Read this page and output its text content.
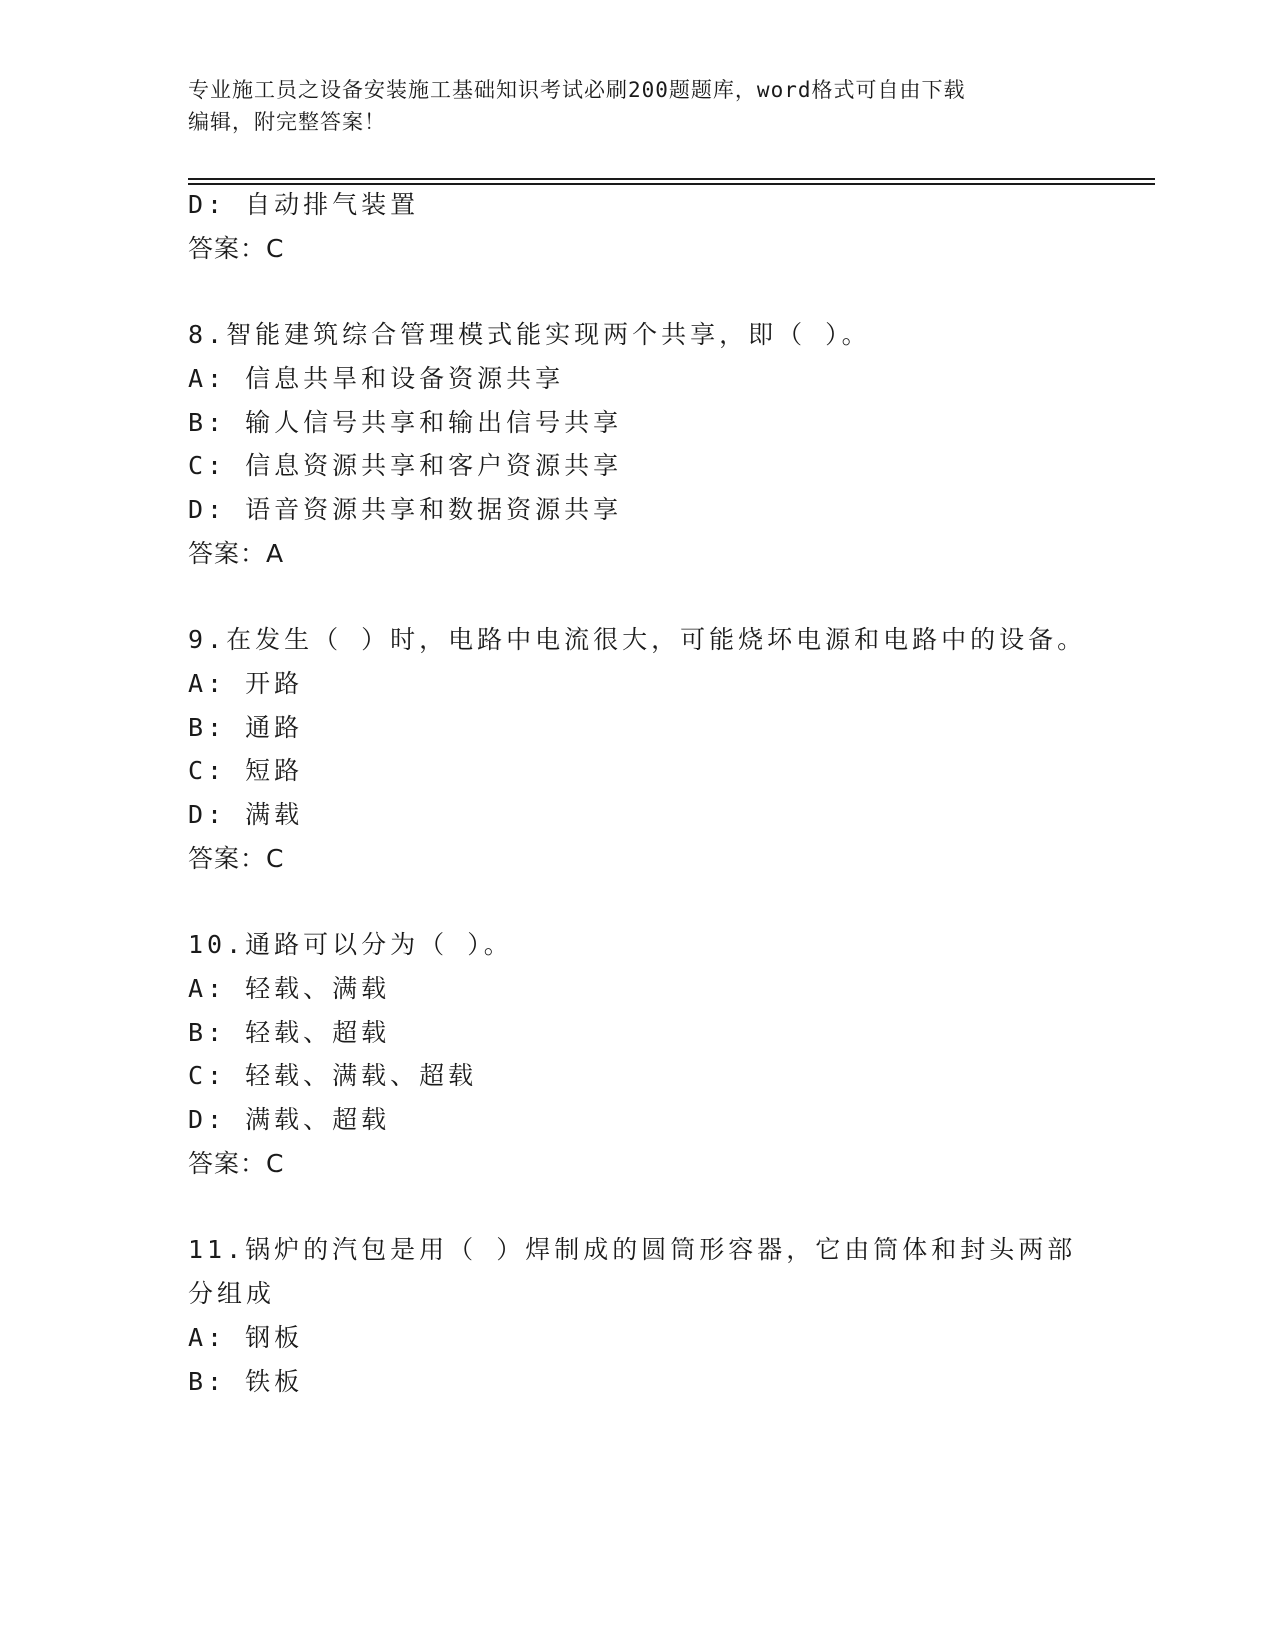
专业施工员之设备安装施工基础知识考试必刷200题题库，word格式可自由下载
编辑，附完整答案！
D: 自动排气装置
答案：C
8.智能建筑综合管理模式能实现两个共享，即（ ）。
A: 信息共旱和设备资源共享
B: 输人信号共享和输出信号共享
C: 信息资源共享和客户资源共享
D: 语音资源共享和数据资源共享
答案：A
9.在发生（ ）时，电路中电流很大，可能烧坏电源和电路中的设备。
A: 开路
B: 通路
C: 短路
D: 满载
答案：C
10.通路可以分为（ ）。
A: 轻载、满载
B: 轻载、超载
C: 轻载、满载、超载
D: 满载、超载
答案：C
11.锅炉的汽包是用（ ）焊制成的圆筒形容器，它由筒体和封头两部
分组成
A: 钢板
B: 铁板
